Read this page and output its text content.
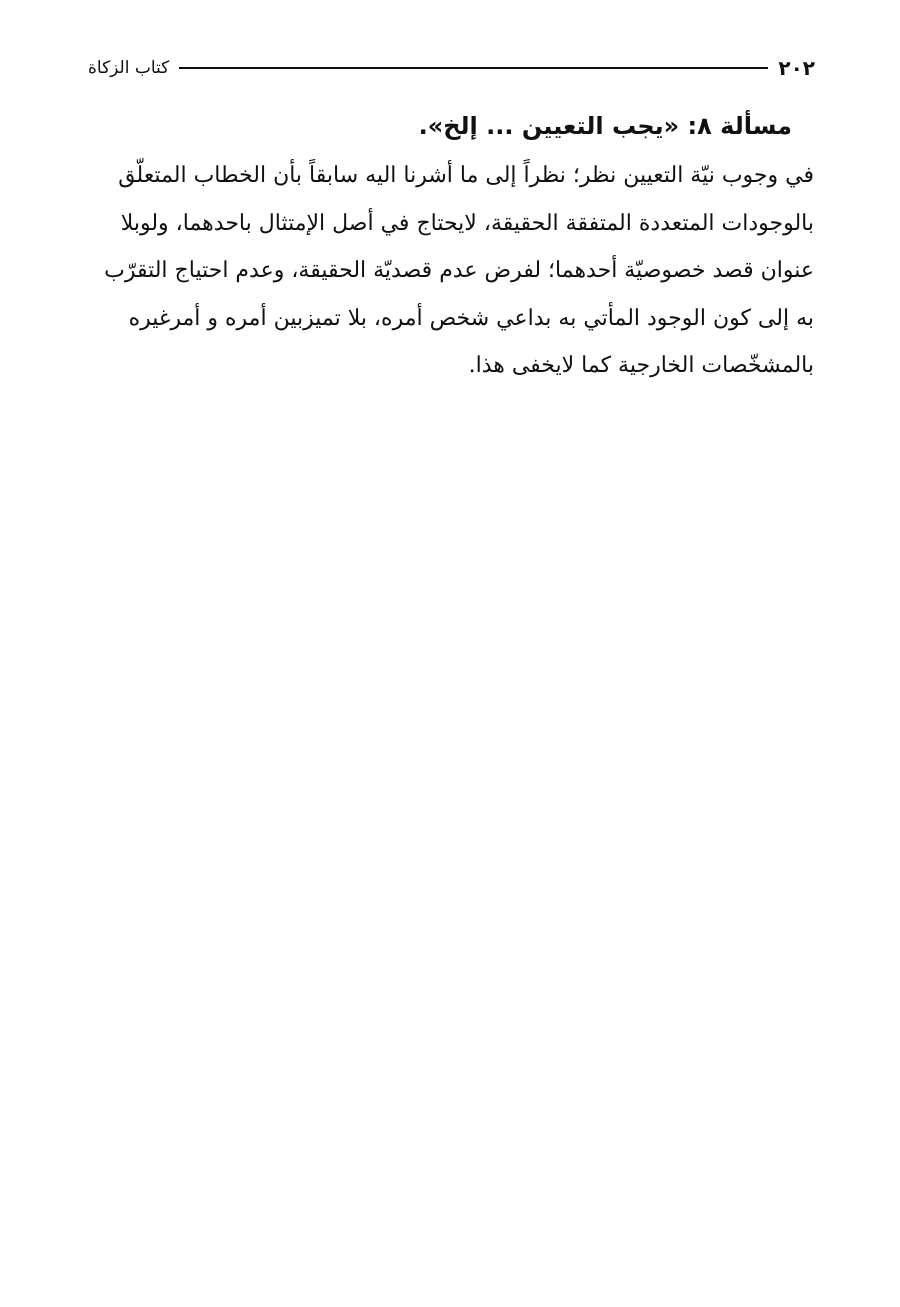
٢٠٢
كتاب الزكاة

مسألة ٨: «يجب التعيين ... إلخ».

في وجوب نيّة التعيين نظر؛ نظراً إلى ما أشرنا اليه سابقاً بأن الخطاب المتعلّق

بالوجودات المتعددة المتفقة الحقيقة، لايحتاج في أصل الإمتثال باحدهما، ولوبلا

عنوان قصد خصوصيّة أحدهما؛ لفرض عدم قصديّة الحقيقة، وعدم احتياج التقرّب

به إلى كون الوجود المأتي به بداعي شخص أمره، بلا تميزبين أمره و أمرغيره

بالمشخّصات الخارجية كما لايخفى هذا.
